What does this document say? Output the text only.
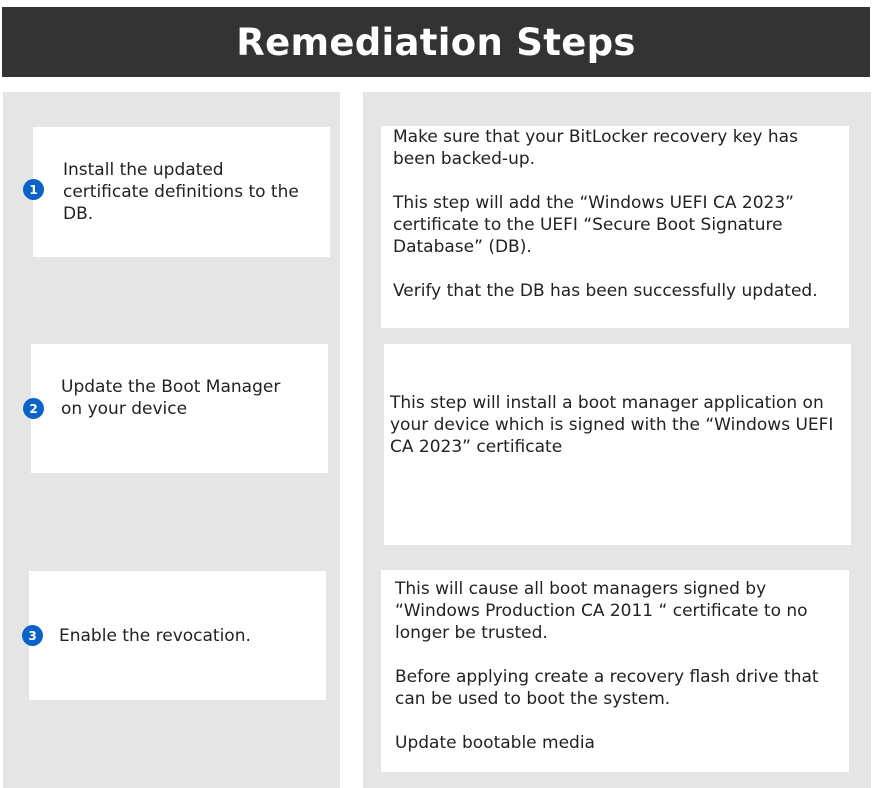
Remediation Steps
Install the updated certificate definitions to the DB.
1

Make sure that your BitLocker recovery key has been backed-up.

This step will add the “Windows UEFI CA 2023” certificate to the UEFI “Secure Boot Signature Database” (DB).

Verify that the DB has been successfully updated.

Update the Boot Manager on your device
2	This step will install a boot manager application on your device which is signed with the “Windows UEFI CA 2023” certificate

Enable the revocation.
3

This will cause all boot managers signed by “Windows Production CA 2011 “ certificate to no longer be trusted.

Before applying create a recovery flash drive that can be used to boot the system.

Update bootable media
